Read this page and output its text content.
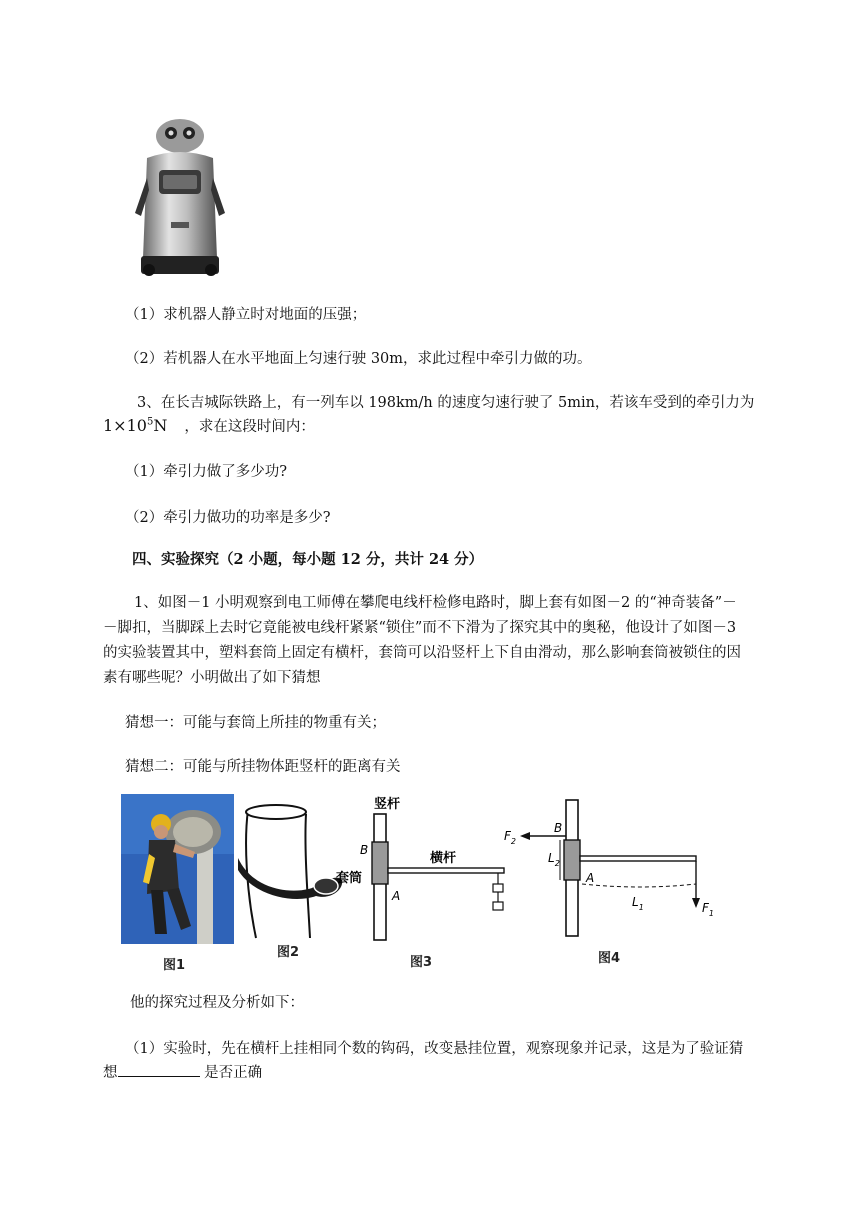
（1）求机器人静立时对地面的压强；
（2）若机器人在水平地面上匀速行驶 30m，求此过程中牵引力做的功。
3、在长吉城际铁路上，有一列车以 198km/h 的速度匀速行驶了 5min，若该车受到的牵引力为
$1\times 10^5N$ ，求在这段时间内：
（1）牵引力做了多少功?
（2）牵引力做功的功率是多少?
四、实验探究（2 小题，每小题 12 分，共计 24 分）
1、如图－1 小明观察到电工师傅在攀爬电线杆检修电路时，脚上套有如图－2 的“神奇装备”－
－脚扣，当脚踩上去时它竟能被电线杆紧紧“锁住”而不下滑为了探究其中的奥秘，他设计了如图－3
的实验装置其中，塑料套筒上固定有横杆，套筒可以沿竖杆上下自由滑动，那么影响套筒被锁住的因
素有哪些呢？小明做出了如下猜想
猜想一：可能与套筒上所挂的物重有关；
猜想二：可能与所挂物体距竖杆的距离有关
竖杆
B
套筒
A
横杆
B
$F_2$
$L_2$
A
$L_1$	$F_1$
图1
图2
图3	图4
他的探究过程及分析如下：
（1）实验时，先在横杆上挂相同个数的钩码，改变悬挂位置，观察现象并记录，这是为了验证猜
想	是否正确
